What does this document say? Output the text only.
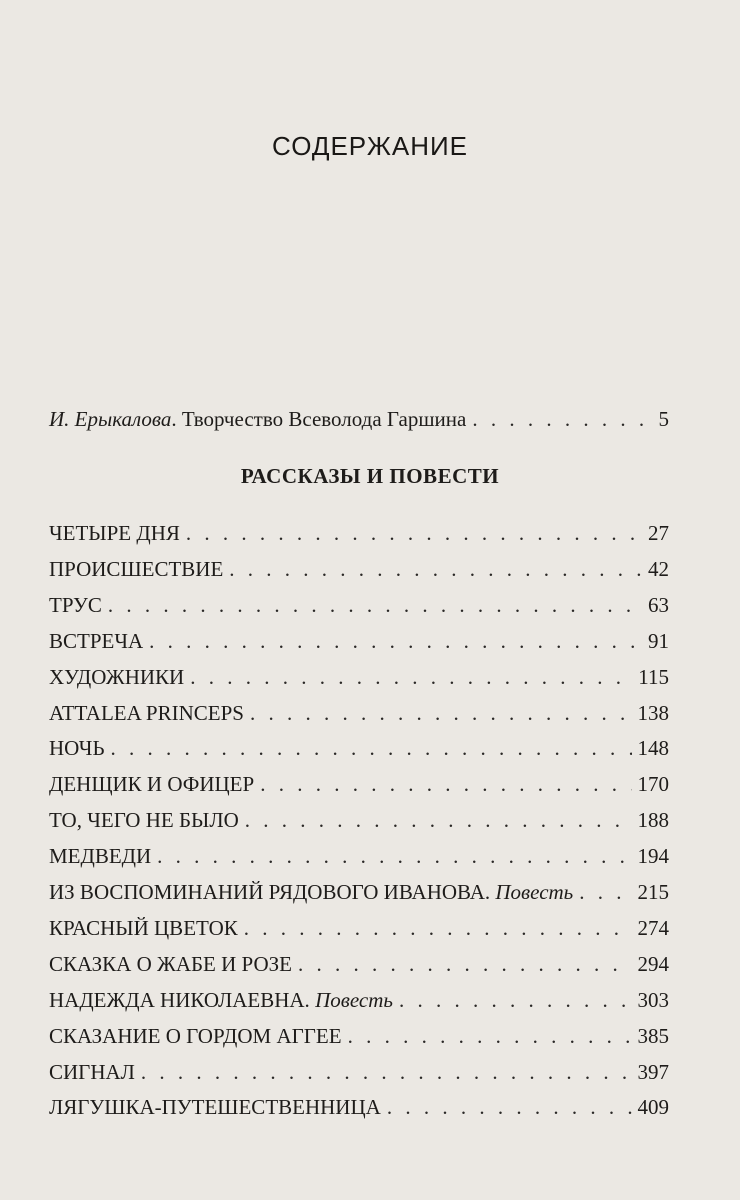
СОДЕРЖАНИЕ
И. Ерыкалова. Творчество Всеволода Гаршина . . .	5
РАССКАЗЫ И ПОВЕСТИ
ЧЕТЫРЕ ДНЯ . . .	27
ПРОИСШЕСТВИЕ . . .	42
ТРУС . . .	63
ВСТРЕЧА . . .	91
ХУДОЖНИКИ . . .	115
ATTALEA PRINCEPS . . .	138
НОЧЬ . . .	148
ДЕНЩИК И ОФИЦЕР . . .	170
ТО, ЧЕГО НЕ БЫЛО . . .	188
МЕДВЕДИ . . .	194
ИЗ ВОСПОМИНАНИЙ РЯДОВОГО ИВАНОВА. Повесть . . .	215
КРАСНЫЙ ЦВЕТОК . . .	274
СКАЗКА О ЖАБЕ И РОЗЕ . . .	294
НАДЕЖДА НИКОЛАЕВНА. Повесть . . .	303
СКАЗАНИЕ О ГОРДОМ АГГЕЕ . . .	385
СИГНАЛ . . .	397
ЛЯГУШКА-ПУТЕШЕСТВЕННИЦА . . .	409
